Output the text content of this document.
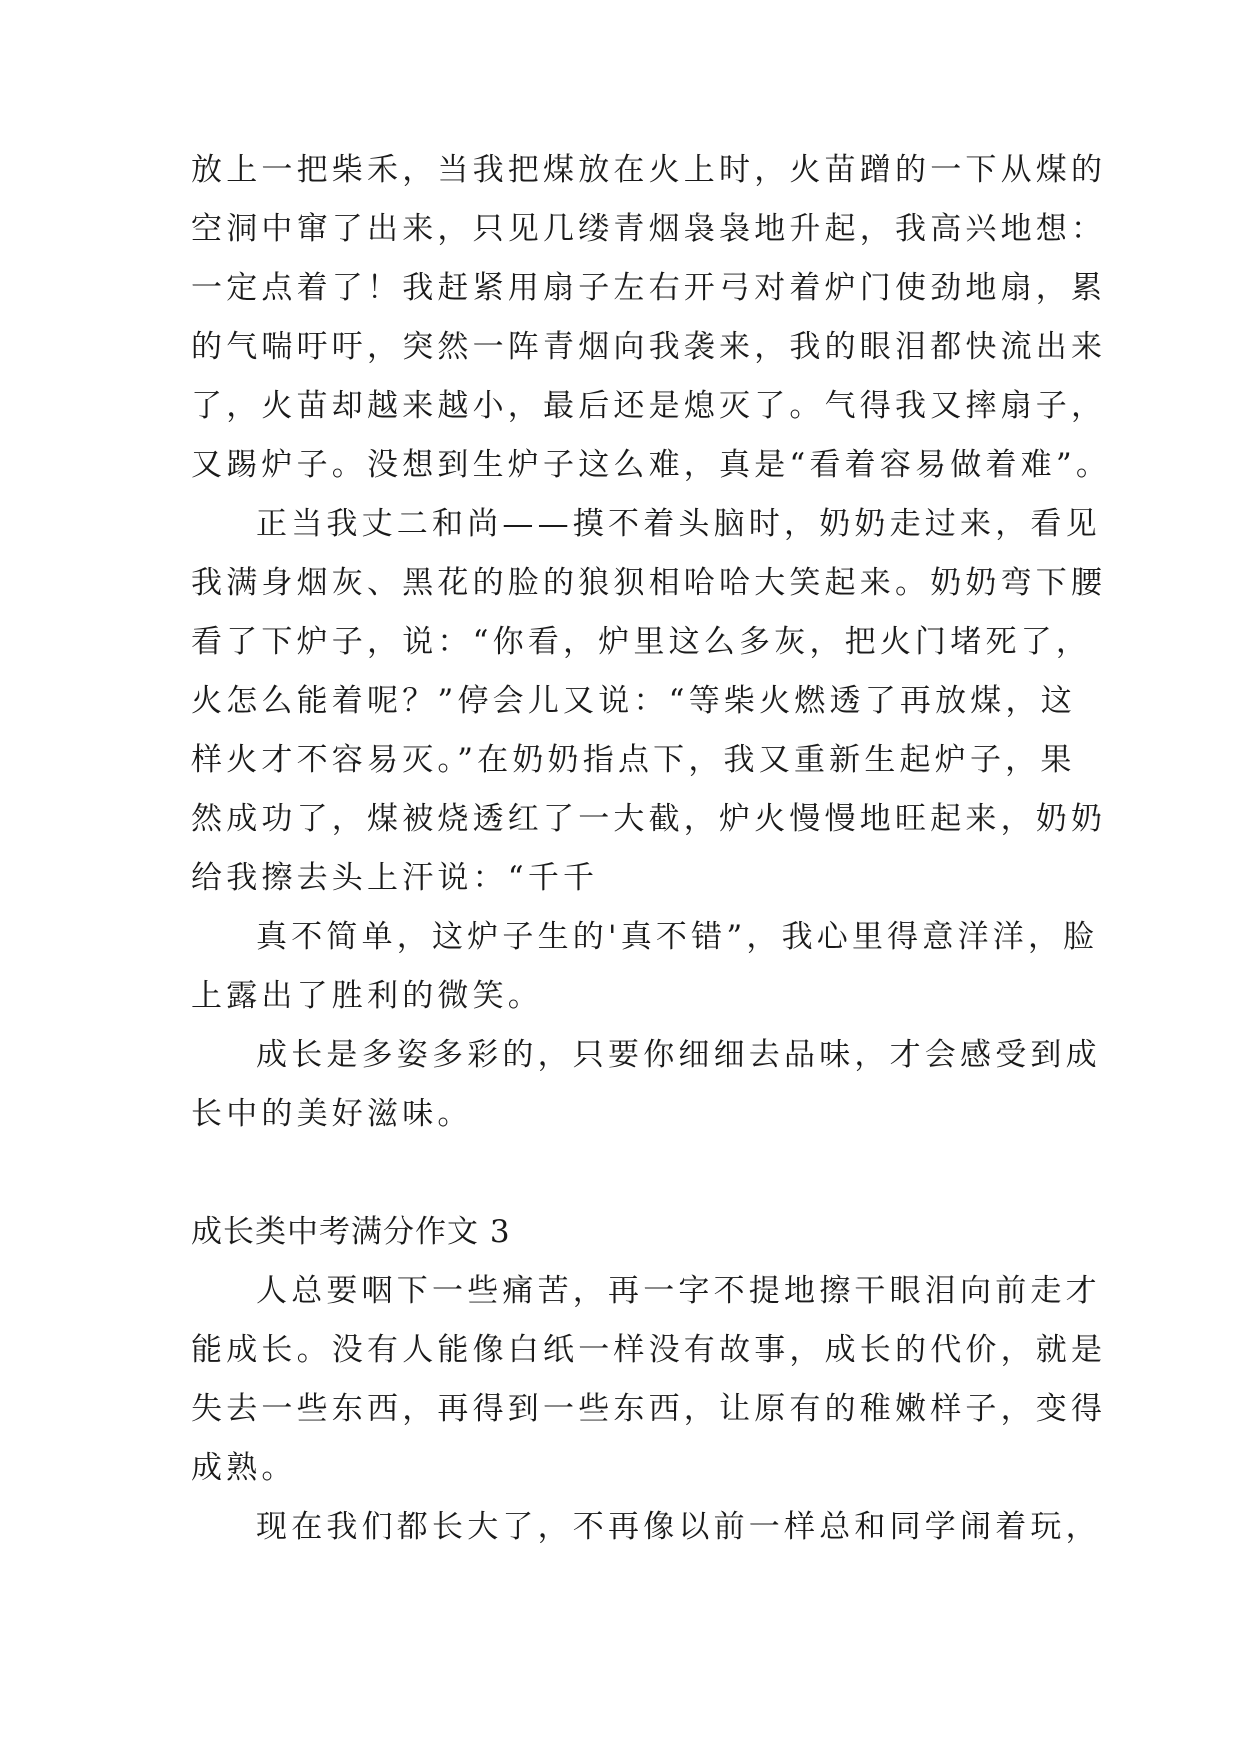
放上一把柴禾，当我把煤放在火上时，火苗蹭的一下从煤的
空洞中窜了出来，只见几缕青烟袅袅地升起，我高兴地想：
一定点着了！我赶紧用扇子左右开弓对着炉门使劲地扇，累
的气喘吁吁，突然一阵青烟向我袭来，我的眼泪都快流出来
了，火苗却越来越小，最后还是熄灭了。气得我又摔扇子，
又踢炉子。没想到生炉子这么难，真是“看着容易做着难”。
正当我丈二和尚——摸不着头脑时，奶奶走过来，看见
我满身烟灰、黑花的脸的狼狈相哈哈大笑起来。奶奶弯下腰
看了下炉子，说：“你看，炉里这么多灰，把火门堵死了，
火怎么能着呢？”停会儿又说：“等柴火燃透了再放煤，这
样火才不容易灭。”在奶奶指点下，我又重新生起炉子，果
然成功了，煤被烧透红了一大截，炉火慢慢地旺起来，奶奶
给我擦去头上汗说：“千千
真不简单，这炉子生的'真不错”，我心里得意洋洋，脸
上露出了胜利的微笑。
成长是多姿多彩的，只要你细细去品味，才会感受到成
长中的美好滋味。
成长类中考满分作文 3
人总要咽下一些痛苦，再一字不提地擦干眼泪向前走才
能成长。没有人能像白纸一样没有故事，成长的代价，就是
失去一些东西，再得到一些东西，让原有的稚嫩样子，变得
成熟。
现在我们都长大了，不再像以前一样总和同学闹着玩，
